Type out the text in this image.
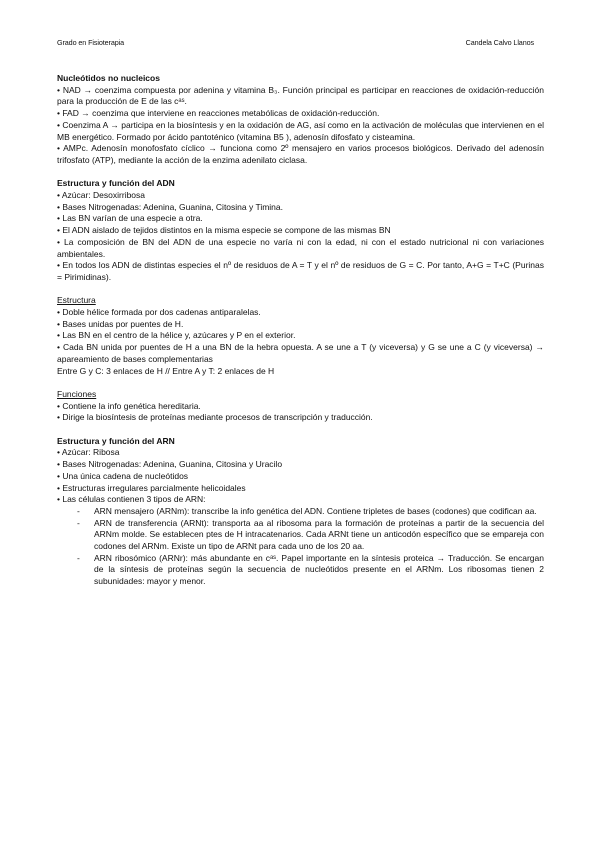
Grado en Fisioterapia	Candela Calvo Llanos

Nucleótidos no nucleicos

• NAD → coenzima compuesta por adenina y vitamina B₃. Función principal es participar en reacciones de oxidación-reducción para la producción de E de las cᵃˢ.

• FAD → coenzima que interviene en reacciones metabólicas de oxidación-reducción.

• Coenzima A → participa en la biosíntesis y en la oxidación de AG, así como en la activación de moléculas que intervienen en el MB energético. Formado por ácido pantoténico (vitamina B5 ), adenosín difosfato y cisteamina.

• AMPc. Adenosín monofosfato cíclico → funciona como 2º mensajero en varios procesos biológicos. Derivado del adenosín trifosfato (ATP), mediante la acción de la enzima adenilato ciclasa.

Estructura y función del ADN

• Azúcar: Desoxirribosa

• Bases Nitrogenadas: Adenina, Guanina, Citosina y Timina.

• Las BN varían de una especie a otra.

• El ADN aislado de tejidos distintos en la misma especie se compone de las mismas BN

• La composición de BN del ADN de una especie no varía ni con la edad, ni con el estado nutricional ni con variaciones ambientales.

• En todos los ADN de distintas especies el nº de residuos de A = T y el nº de residuos de G = C. Por tanto, A+G = T+C (Purinas = Pirimidinas).

Estructura

• Doble hélice formada por dos cadenas antiparalelas.

• Bases unidas por puentes de H.

• Las BN en el centro de la hélice y, azúcares y P en el exterior.

• Cada BN unida por puentes de H a una BN de la hebra opuesta. A se une a T (y viceversa) y G se une a C (y viceversa) → apareamiento de bases complementarias

Entre G y C: 3 enlaces de H // Entre A y T: 2 enlaces de H

Funciones

• Contiene la info genética hereditaria.

• Dirige la biosíntesis de proteínas mediante procesos de transcripción y traducción.

Estructura y función del ARN

• Azúcar: Ribosa

• Bases Nitrogenadas: Adenina, Guanina, Citosina y Uracilo

• Una única cadena de nucleótidos

• Estructuras irregulares parcialmente helicoidales

• Las células contienen 3 tipos de ARN:

- ARN mensajero (ARNm): transcribe la info genética del ADN. Contiene tripletes de bases (codones) que codifican aa.
- ARN de transferencia (ARNt): transporta aa al ribosoma para la formación de proteínas a partir de la secuencia del ARNm molde. Se establecen ptes de H intracatenarios. Cada ARNt tiene un anticodón específico que se empareja con codones del ARNm. Existe un tipo de ARNt para cada uno de los 20 aa.
- ARN ribosómico (ARNr): más abundante en cᵃˢ. Papel importante en la síntesis proteica → Traducción. Se encargan de la síntesis de proteínas según la secuencia de nucleótidos presente en el ARNm. Los ribosomas tienen 2 subunidades: mayor y menor.
